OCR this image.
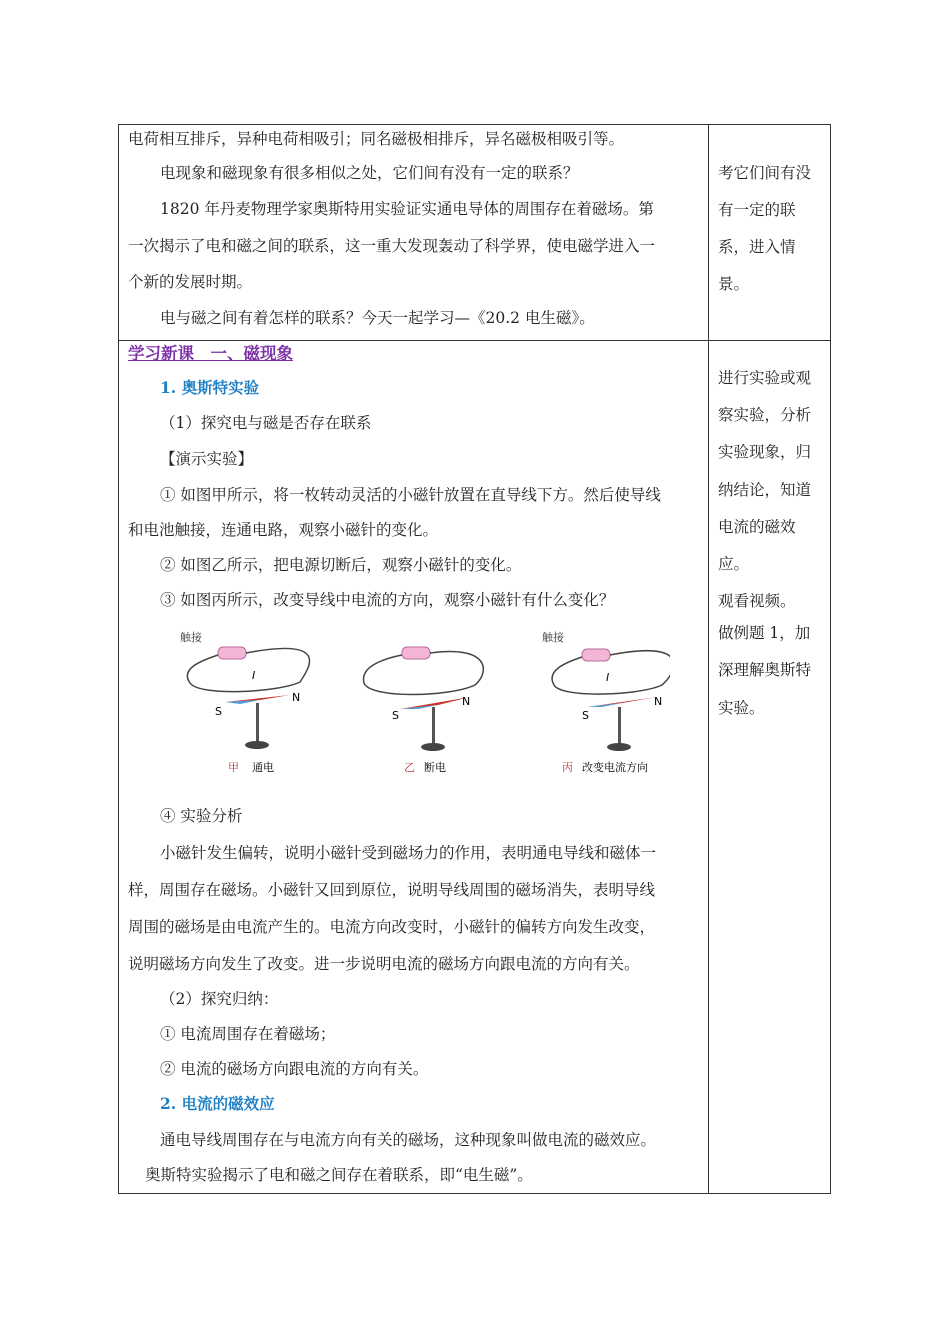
电荷相互排斥，异种电荷相吸引；同名磁极相排斥，异名磁极相吸引等。
电现象和磁现象有很多相似之处，它们间有没有一定的联系？
1820 年丹麦物理学家奥斯特用实验证实通电导体的周围存在着磁场。第
一次揭示了电和磁之间的联系，这一重大发现轰动了科学界，使电磁学进入一
个新的发展时期。
电与磁之间有着怎样的联系？今天一起学习—《20.2 电生磁》。
学习新课　一、磁现象
1. 奥斯特实验
（1）探究电与磁是否存在联系
【演示实验】
① 如图甲所示，将一枚转动灵活的小磁针放置在直导线下方。然后使导线
和电池触接，连通电路，观察小磁针的变化。
② 如图乙所示，把电源切断后，观察小磁针的变化。
③ 如图丙所示，改变导线中电流的方向，观察小磁针有什么变化？
触接
I
S
N
甲 通电
S
N
乙 断电
触接
I
S
N
丙 改变电流方向
④ 实验分析
小磁针发生偏转，说明小磁针受到磁场力的作用，表明通电导线和磁体一
样，周围存在磁场。小磁针又回到原位，说明导线周围的磁场消失，表明导线
周围的磁场是由电流产生的。电流方向改变时，小磁针的偏转方向发生改变，
说明磁场方向发生了改变。进一步说明电流的磁场方向跟电流的方向有关。
（2）探究归纳：
① 电流周围存在着磁场；
② 电流的磁场方向跟电流的方向有关。
2. 电流的磁效应
通电导线周围存在与电流方向有关的磁场，这种现象叫做电流的磁效应。
奥斯特实验揭示了电和磁之间存在着联系，即“电生磁”。
考它们间有没
有一定的联
系，进入情
景。
进行实验或观
察实验，分析
实验现象，归
纳结论，知道
电流的磁效
应。
观看视频。
做例题 1，加
深理解奥斯特
实验。
